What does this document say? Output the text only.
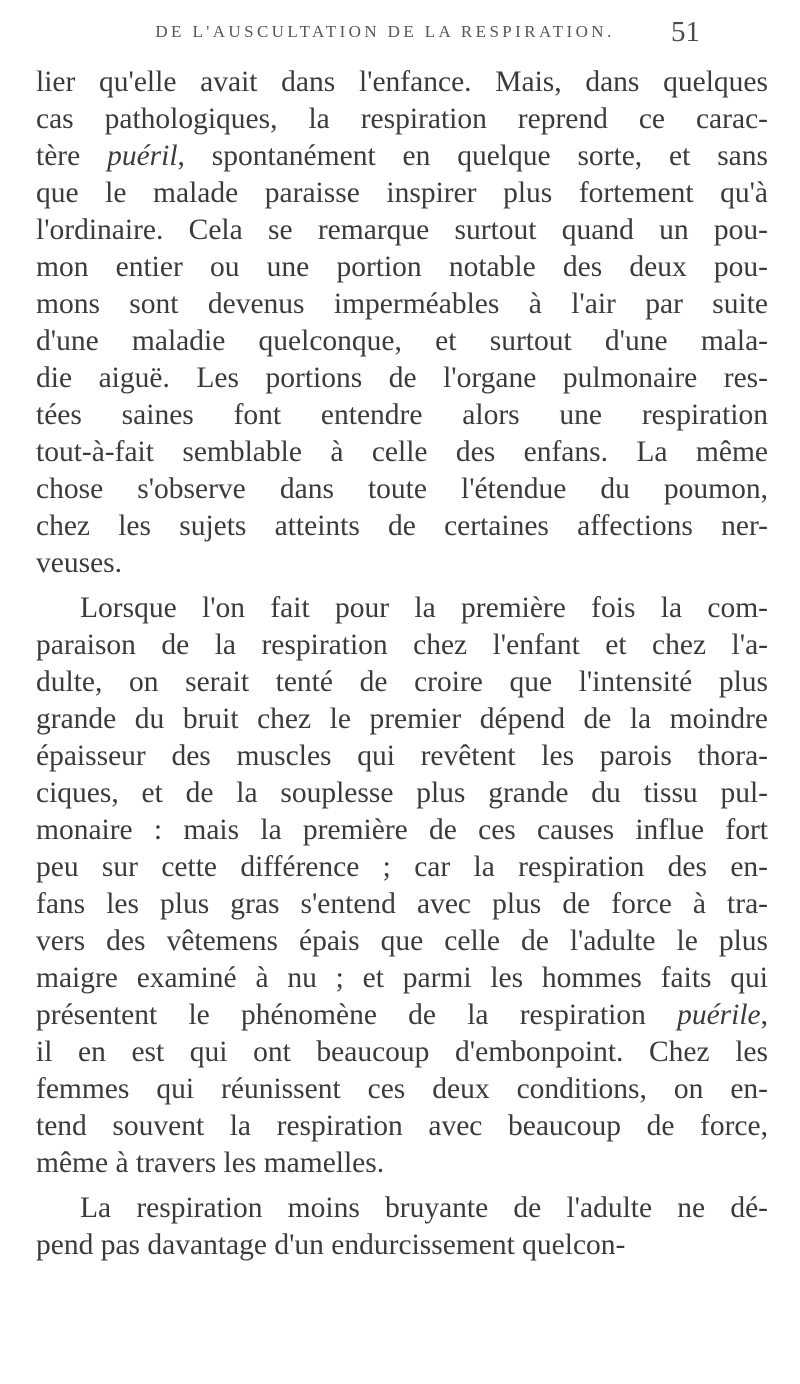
DE L'AUSCULTATION DE LA RESPIRATION.	51
lier qu'elle avait dans l'enfance. Mais, dans quelques
cas pathologiques, la respiration reprend ce carac-
tère puéril, spontanément en quelque sorte, et sans
que le malade paraisse inspirer plus fortement qu'à
l'ordinaire. Cela se remarque surtout quand un pou-
mon entier ou une portion notable des deux pou-
mons sont devenus imperméables à l'air par suite
d'une maladie quelconque, et surtout d'une mala-
die aiguë. Les portions de l'organe pulmonaire res-
tées saines font entendre alors une respiration
tout-à-fait semblable à celle des enfans. La même
chose s'observe dans toute l'étendue du poumon,
chez les sujets atteints de certaines affections ner-
veuses.
Lorsque l'on fait pour la première fois la com-
paraison de la respiration chez l'enfant et chez l'a-
dulte, on serait tenté de croire que l'intensité plus
grande du bruit chez le premier dépend de la moindre
épaisseur des muscles qui revêtent les parois thora-
ciques, et de la souplesse plus grande du tissu pul-
monaire : mais la première de ces causes influe fort
peu sur cette différence ; car la respiration des en-
fans les plus gras s'entend avec plus de force à tra-
vers des vêtemens épais que celle de l'adulte le plus
maigre examiné à nu ; et parmi les hommes faits qui
présentent le phénomène de la respiration puérile,
il en est qui ont beaucoup d'embonpoint. Chez les
femmes qui réunissent ces deux conditions, on en-
tend souvent la respiration avec beaucoup de force,
même à travers les mamelles.
La respiration moins bruyante de l'adulte ne dé-
pend pas davantage d'un endurcissement quelcon-
